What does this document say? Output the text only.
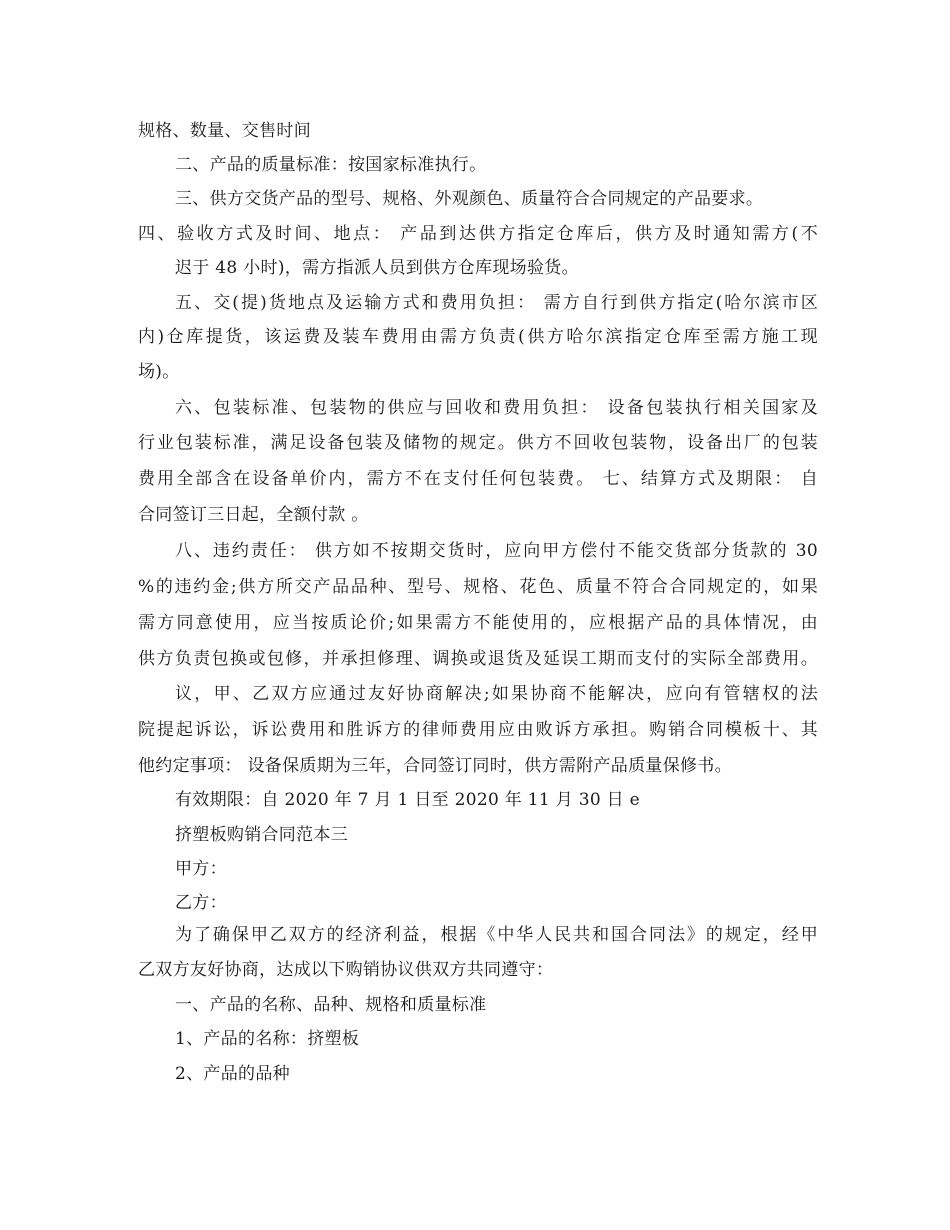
规格、数量、交售时间
二、产品的质量标准：按国家标准执行。
三、供方交货产品的型号、规格、外观颜色、质量符合合同规定的产品要求。
四、验收方式及时间、地点： 产品到达供方指定仓库后，供方及时通知需方(不
迟于 48 小时)，需方指派人员到供方仓库现场验货。
五、交(提)货地点及运输方式和费用负担： 需方自行到供方指定(哈尔滨市区
内)仓库提货，该运费及装车费用由需方负责(供方哈尔滨指定仓库至需方施工现
场)。
六、包装标准、包装物的供应与回收和费用负担： 设备包装执行相关国家及
行业包装标准，满足设备包装及储物的规定。供方不回收包装物，设备出厂的包装
费用全部含在设备单价内，需方不在支付任何包装费。 七、结算方式及期限： 自
合同签订三日起，全额付款 。
八、违约责任： 供方如不按期交货时，应向甲方偿付不能交货部分货款的 30
%的违约金;供方所交产品品种、型号、规格、花色、质量不符合合同规定的，如果
需方同意使用，应当按质论价;如果需方不能使用的，应根据产品的具体情况，由
供方负责包换或包修，并承担修理、调换或退货及延误工期而支付的实际全部费用。
议，甲、乙双方应通过友好协商解决;如果协商不能解决，应向有管辖权的法
院提起诉讼，诉讼费用和胜诉方的律师费用应由败诉方承担。购销合同模板十、其
他约定事项： 设备保质期为三年，合同签订同时，供方需附产品质量保修书。
有效期限：自 2020 年 7 月 1 日至 2020 年 11 月 30 日 e
挤塑板购销合同范本三
甲方：
乙方：
为了确保甲乙双方的经济利益，根据《中华人民共和国合同法》的规定，经甲
乙双方友好协商，达成以下购销协议供双方共同遵守：
一、产品的名称、品种、规格和质量标准
1、产品的名称：挤塑板
2、产品的品种
